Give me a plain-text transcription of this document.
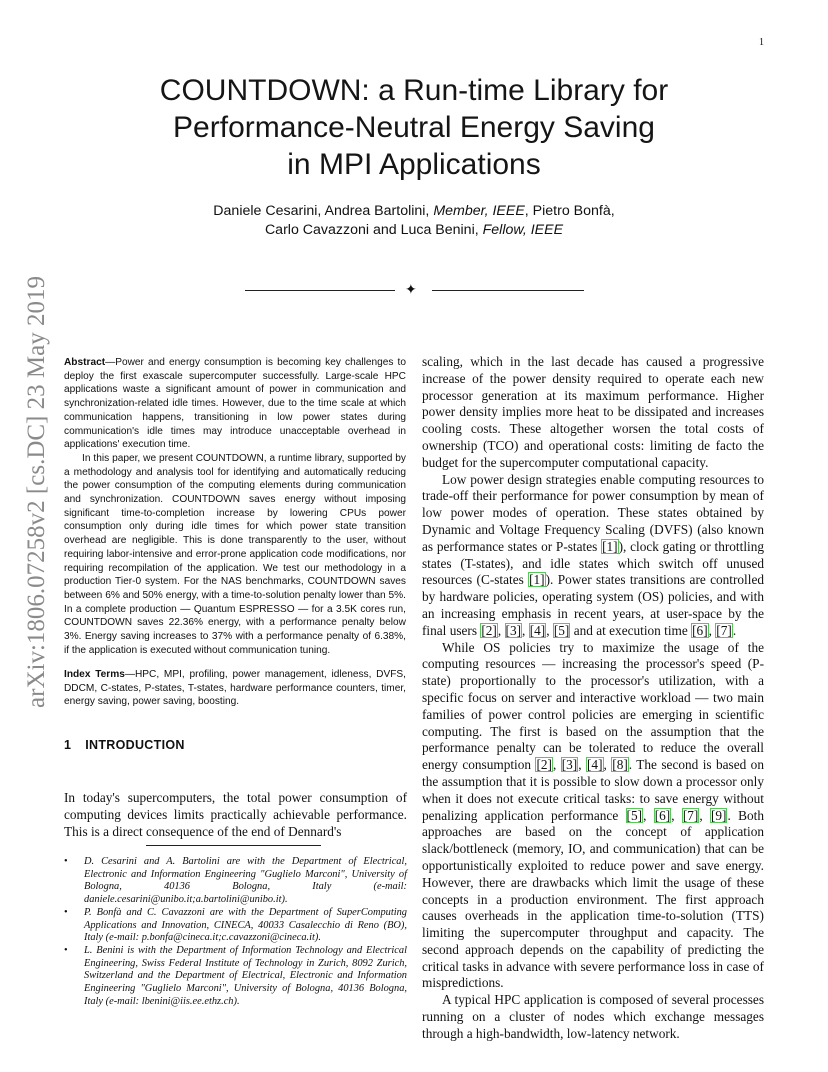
1
COUNTDOWN: a Run-time Library for
Performance-Neutral Energy Saving
in MPI Applications
Daniele Cesarini, Andrea Bartolini, Member, IEEE, Pietro Bonfà,
Carlo Cavazzoni and Luca Benini, Fellow, IEEE
✦
arXiv:1806.07258v2 [cs.DC] 23 May 2019 Abstract—Power and energy consumption is becoming key challenges to deploy the first exascale supercomputer successfully. Large-scale HPC applications waste a significant amount of power in communication and synchronization-related idle times. However, due to the time scale at which communication happens, transitioning in low power states during communication's idle times may introduce unacceptable overhead in applications' execution time.

In this paper, we present COUNTDOWN, a runtime library, supported by a methodology and analysis tool for identifying and automatically reducing the power consumption of the computing elements during communication and synchronization. COUNTDOWN saves energy without imposing significant time-to-completion increase by lowering CPUs power consumption only during idle times for which power state transition overhead are negligible. This is done transparently to the user, without requiring labor-intensive and error-prone application code modifications, nor requiring recompilation of the application. We test our methodology in a production Tier-0 system. For the NAS benchmarks, COUNTDOWN saves between 6% and 50% energy, with a time-to-solution penalty lower than 5%. In a complete production — Quantum ESPRESSO — for a 3.5K cores run, COUNTDOWN saves 22.36% energy, with a performance penalty below 3%. Energy saving increases to 37% with a performance penalty of 6.38%, if the application is executed without communication tuning.

Index Terms—HPC, MPI, profiling, power management, idleness, DVFS, DDCM, C-states, P-states, T-states, hardware performance counters, timer, energy saving, power saving, boosting.
1 INTRODUCTION

In today's supercomputers, the total power consumption of computing devices limits practically achievable performance. This is a direct consequence of the end of Dennard's

• D. Cesarini and A. Bartolini are with the Department of Electrical, Electronic and Information Engineering "Guglielo Marconi", University of Bologna, 40136 Bologna, Italy (e-mail: daniele.cesarini@unibo.it;a.bartolini@unibo.it).
• P. Bonfà and C. Cavazzoni are with the Department of SuperComputing Applications and Innovation, CINECA, 40033 Casalecchio di Reno (BO), Italy (e-mail: p.bonfa@cineca.it;c.cavazzoni@cineca.it).
• L. Benini is with the Department of Information Technology and Electrical Engineering, Swiss Federal Institute of Technology in Zurich, 8092 Zurich, Switzerland and the Department of Electrical, Electronic and Information Engineering "Guglielo Marconi", University of Bologna, 40136 Bologna, Italy (e-mail: lbenini@iis.ee.ethz.ch).

scaling, which in the last decade has caused a progressive increase of the power density required to operate each new processor generation at its maximum performance. Higher power density implies more heat to be dissipated and increases cooling costs. These altogether worsen the total costs of ownership (TCO) and operational costs: limiting de facto the budget for the supercomputer computational capacity.

Low power design strategies enable computing resources to trade-off their performance for power consumption by mean of low power modes of operation. These states obtained by Dynamic and Voltage Frequency Scaling (DVFS) (also known as performance states or P-states [1]), clock gating or throttling states (T-states), and idle states which switch off unused resources (C-states [1]). Power states transitions are controlled by hardware policies, operating system (OS) policies, and with an increasing emphasis in recent years, at user-space by the final users [2], [3], [4], [5] and at execution time [6], [7].

While OS policies try to maximize the usage of the computing resources — increasing the processor's speed (P-state) proportionally to the processor's utilization, with a specific focus on server and interactive workload — two main families of power control policies are emerging in scientific computing. The first is based on the assumption that the performance penalty can be tolerated to reduce the overall energy consumption [2], [3], [4], [8]. The second is based on the assumption that it is possible to slow down a processor only when it does not execute critical tasks: to save energy without penalizing application performance [5], [6], [7], [9]. Both approaches are based on the concept of application slack/bottleneck (memory, IO, and communication) that can be opportunistically exploited to reduce power and save energy. However, there are drawbacks which limit the usage of these concepts in a production environment. The first approach causes overheads in the application time-to-solution (TTS) limiting the supercomputer throughput and capacity. The second approach depends on the capability of predicting the critical tasks in advance with severe performance loss in case of mispredictions.

A typical HPC application is composed of several processes running on a cluster of nodes which exchange messages through a high-bandwidth, low-latency network.
